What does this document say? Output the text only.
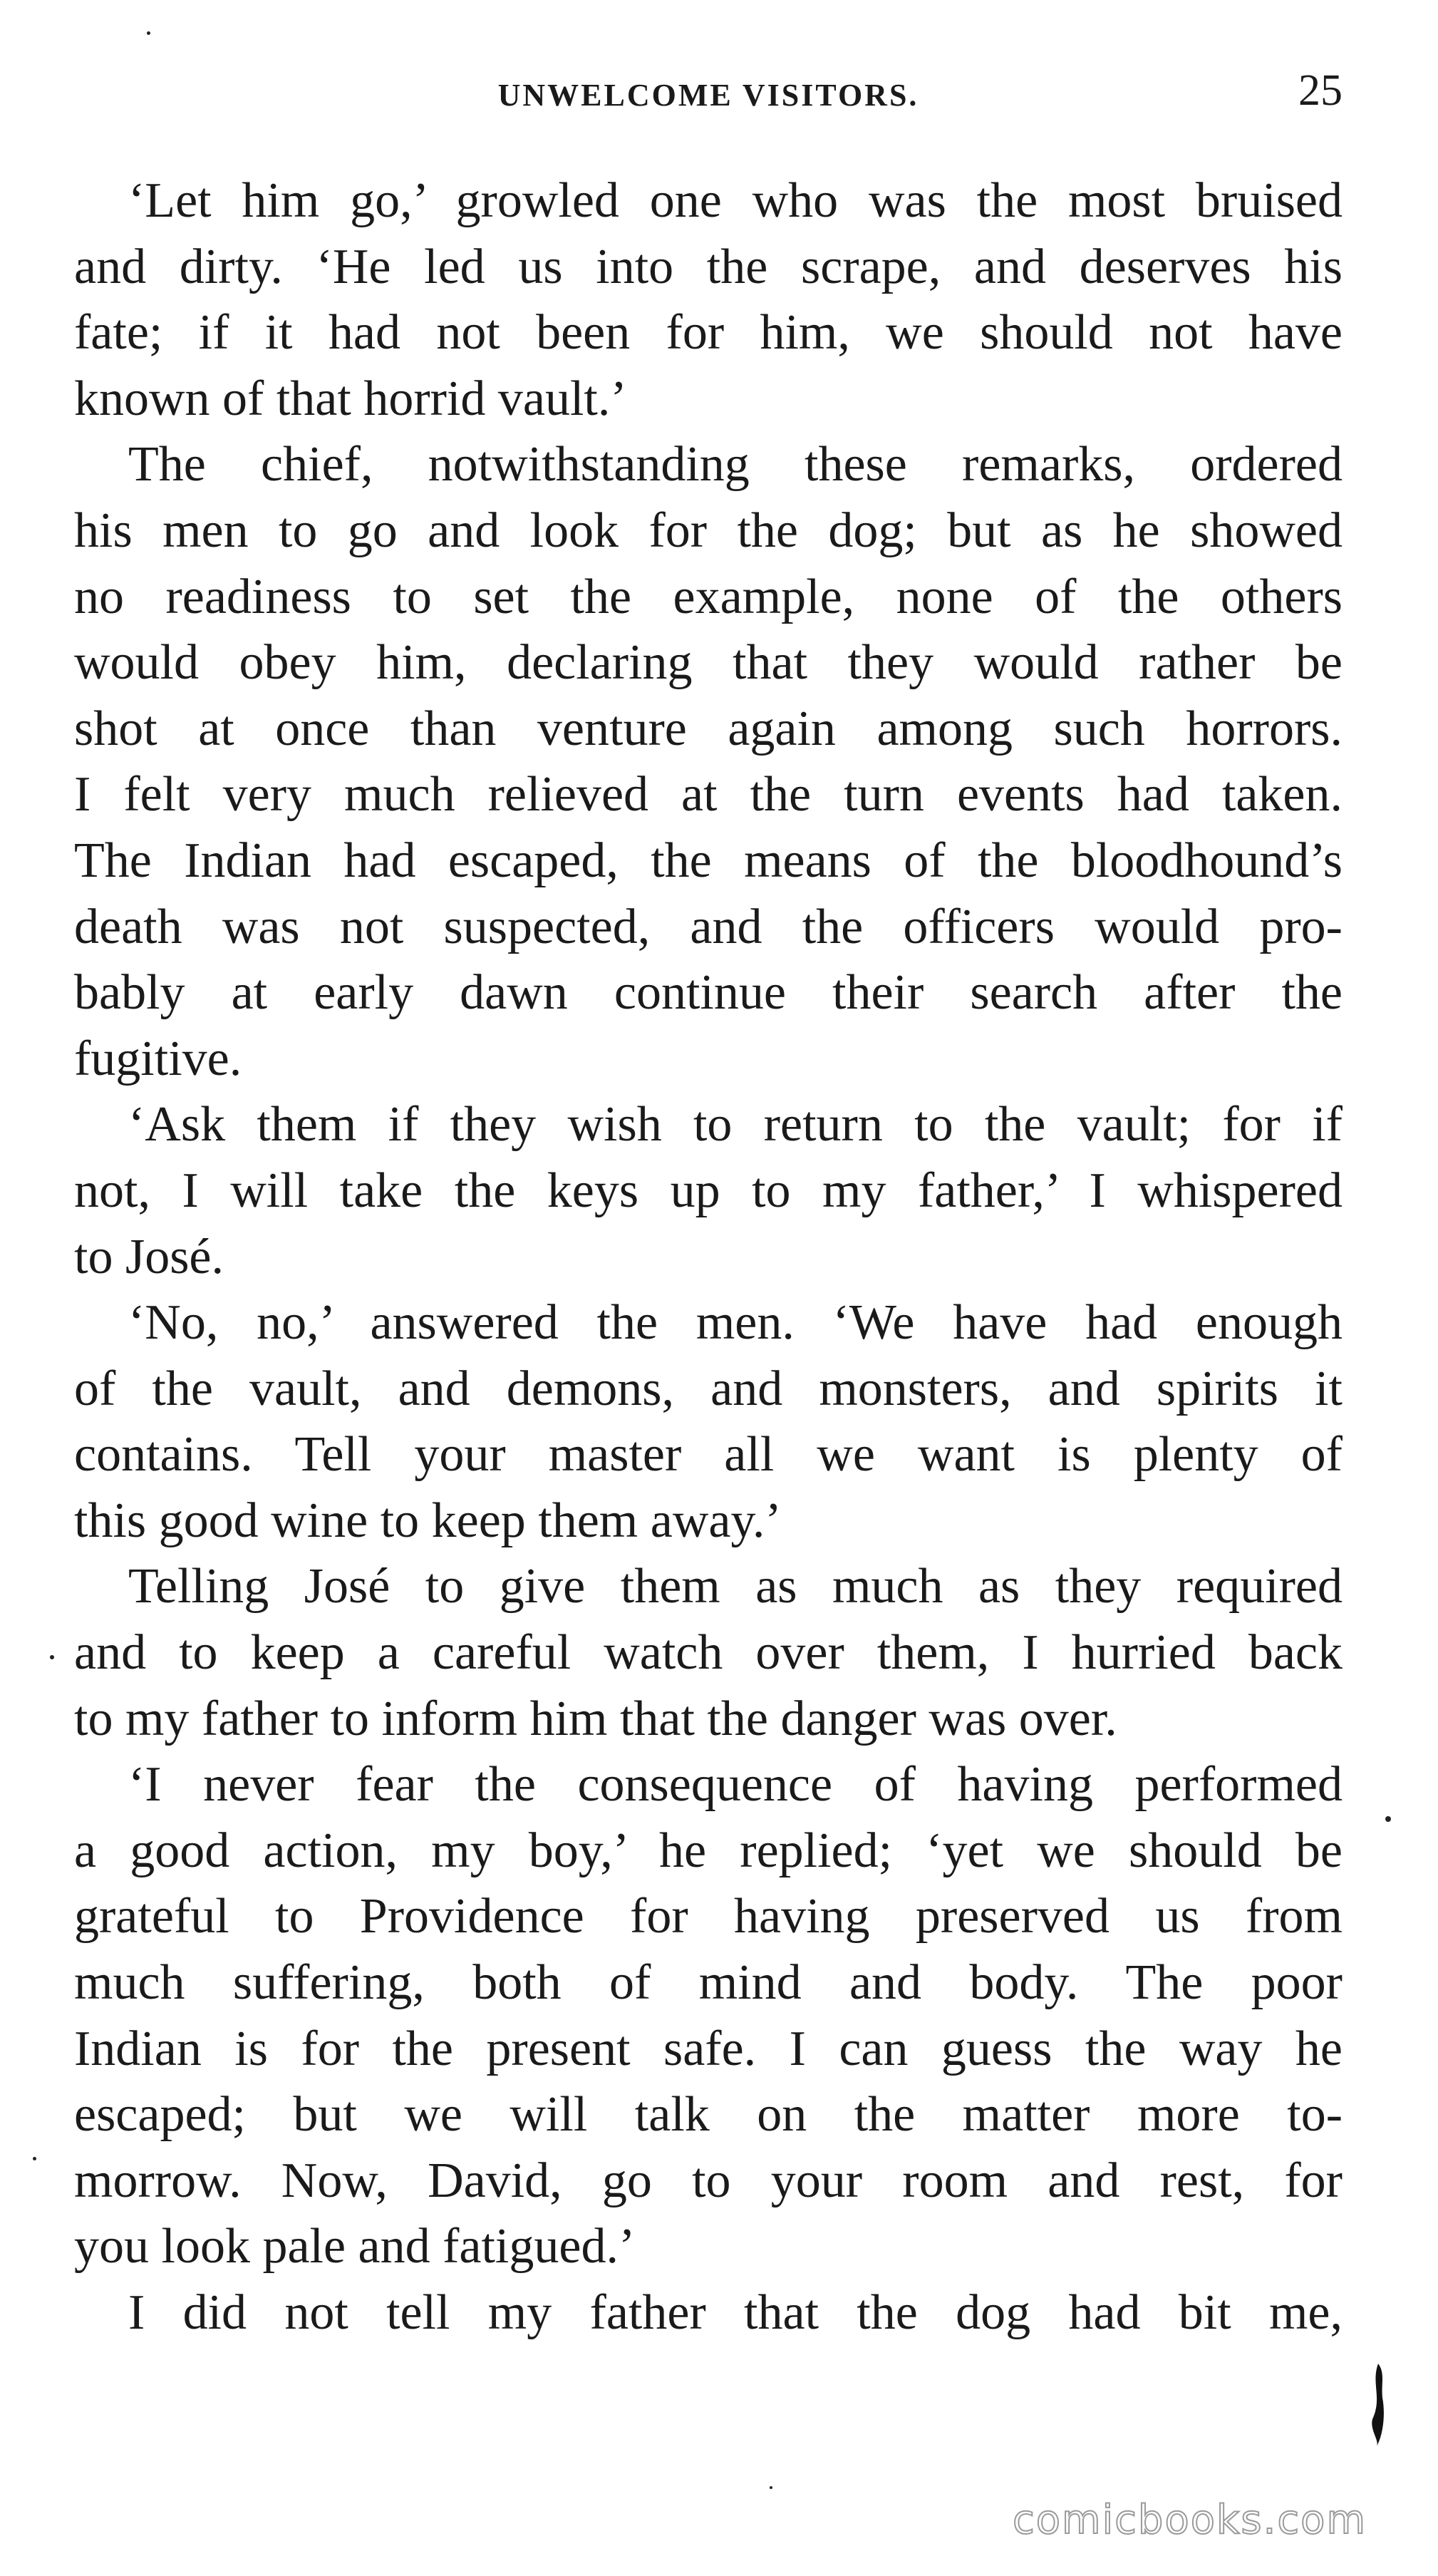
UNWELCOME VISITORS.	25
‘Let him go,’ growled one who was the most bruised
and dirty. ‘He led us into the scrape, and deserves his
fate; if it had not been for him, we should not have
known of that horrid vault.’
The chief, notwithstanding these remarks, ordered
his men to go and look for the dog; but as he showed
no readiness to set the example, none of the others
would obey him, declaring that they would rather be
shot at once than venture again among such horrors.
I felt very much relieved at the turn events had taken.
The Indian had escaped, the means of the bloodhound’s
death was not suspected, and the officers would pro-
bably at early dawn continue their search after the
fugitive.
‘Ask them if they wish to return to the vault; for if
not, I will take the keys up to my father,’ I whispered
to José.
‘No, no,’ answered the men. ‘We have had enough
of the vault, and demons, and monsters, and spirits it
contains. Tell your master all we want is plenty of
this good wine to keep them away.’
Telling José to give them as much as they required
and to keep a careful watch over them, I hurried back
to my father to inform him that the danger was over.
‘I never fear the consequence of having performed
a good action, my boy,’ he replied; ‘yet we should be
grateful to Providence for having preserved us from
much suffering, both of mind and body. The poor
Indian is for the present safe. I can guess the way he
escaped; but we will talk on the matter more to-
morrow. Now, David, go to your room and rest, for
you look pale and fatigued.’
I did not tell my father that the dog had bit me,
comicbooks.com
